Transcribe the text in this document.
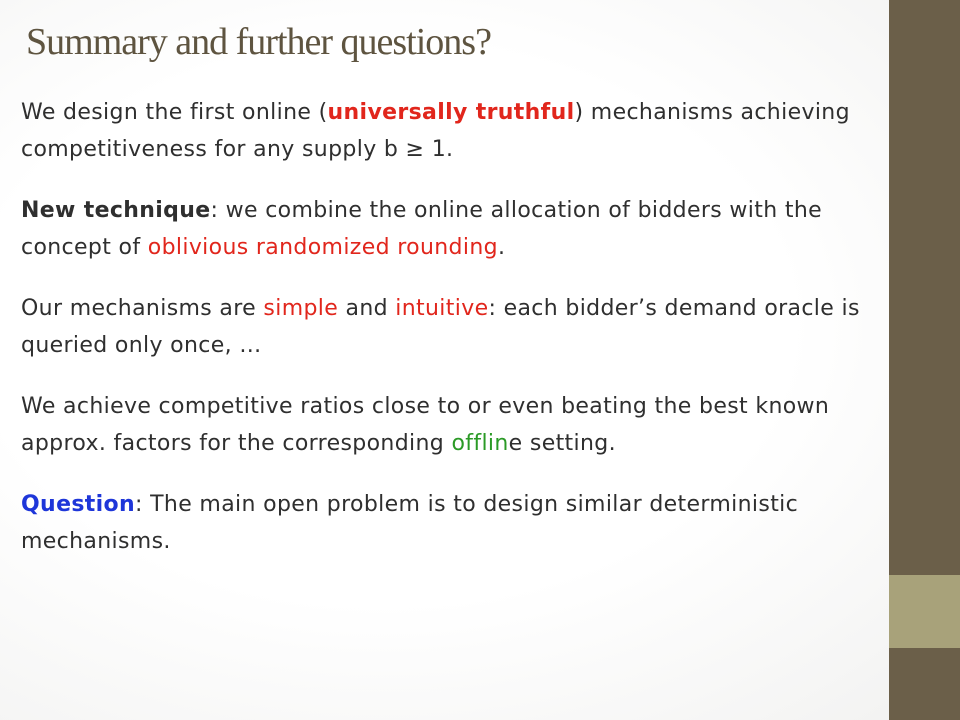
Summary and further questions?

We design the first online (universally truthful) mechanisms achieving competitiveness for any supply b ≥ 1.

New technique: we combine the online allocation of bidders with the concept of oblivious randomized rounding.

Our mechanisms are simple and intuitive: each bidder’s demand oracle is queried only once, …

We achieve competitive ratios close to or even beating the best known approx. factors for the corresponding offline setting.

Question: The main open problem is to design similar deterministic mechanisms.
